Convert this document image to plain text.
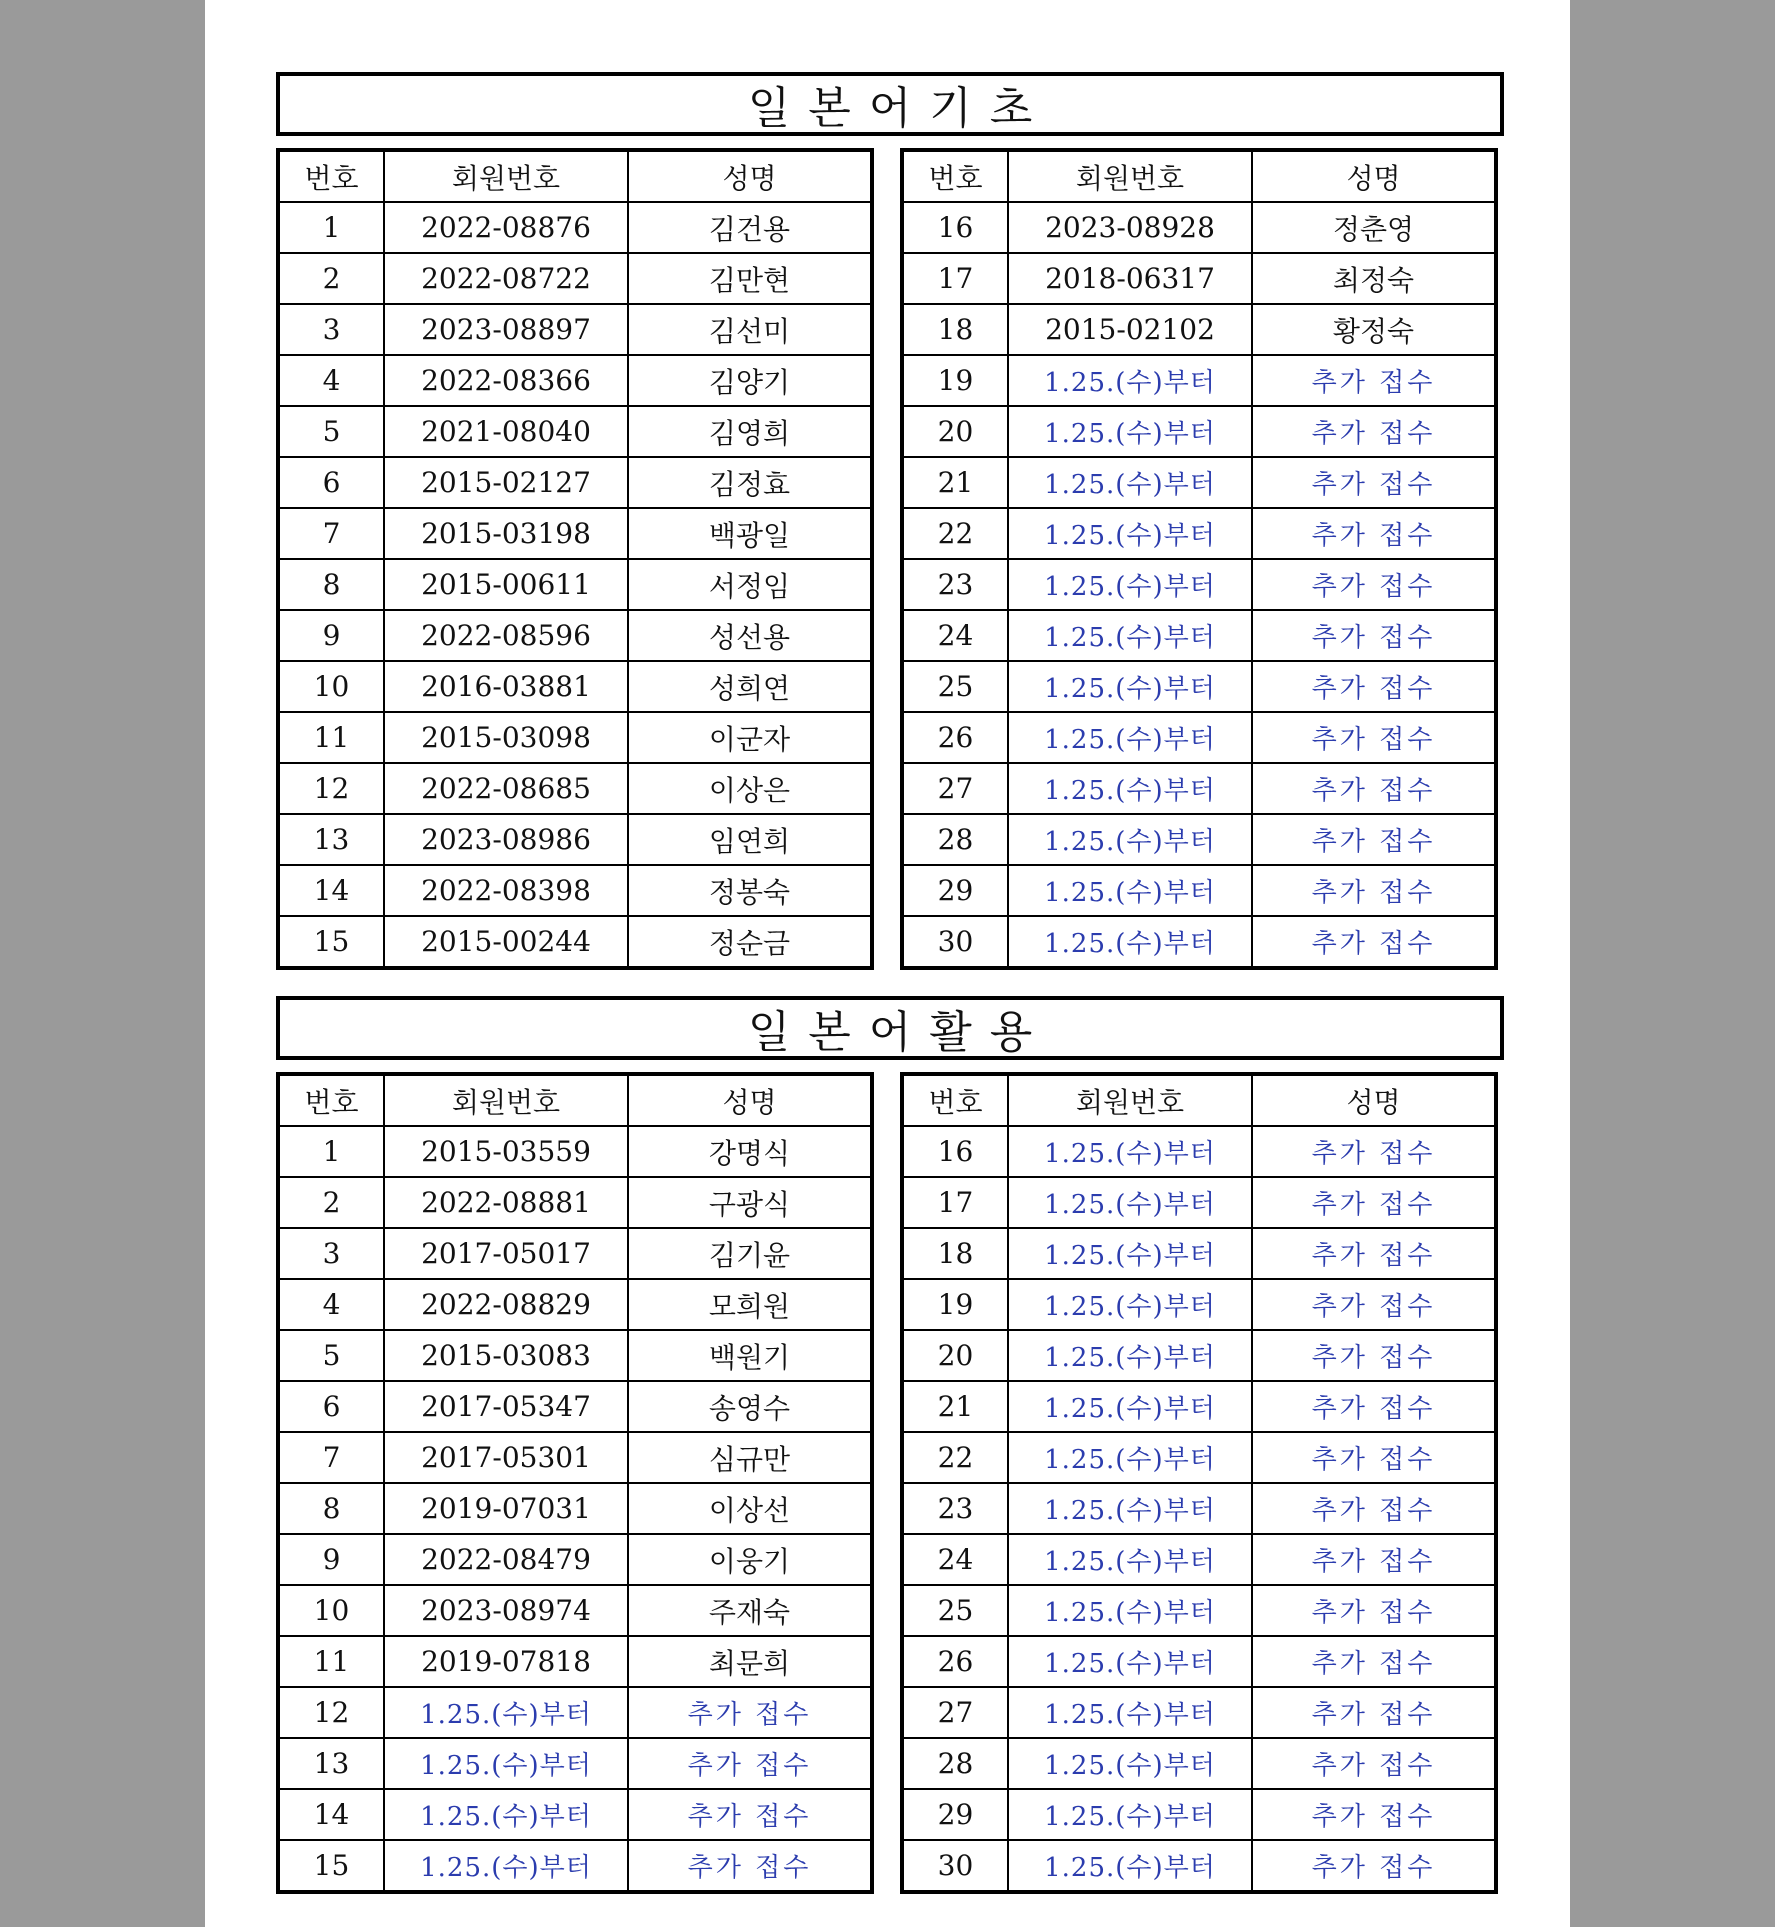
일본어기초
번호	회원번호	성명
1	2022-08876	김건용
2	2022-08722	김만현
3	2023-08897	김선미
4	2022-08366	김양기
5	2021-08040	김영희
6	2015-02127	김정효
7	2015-03198	백광일
8	2015-00611	서정임
9	2022-08596	성선용
10	2016-03881	성희연
11	2015-03098	이군자
12	2022-08685	이상은
13	2023-08986	임연희
14	2022-08398	정봉숙
15	2015-00244	정순금
번호	회원번호	성명
16	2023-08928	정춘영
17	2018-06317	최정숙
18	2015-02102	황정숙
19	1.25.(수)부터	추가 접수
20	1.25.(수)부터	추가 접수
21	1.25.(수)부터	추가 접수
22	1.25.(수)부터	추가 접수
23	1.25.(수)부터	추가 접수
24	1.25.(수)부터	추가 접수
25	1.25.(수)부터	추가 접수
26	1.25.(수)부터	추가 접수
27	1.25.(수)부터	추가 접수
28	1.25.(수)부터	추가 접수
29	1.25.(수)부터	추가 접수
30	1.25.(수)부터	추가 접수
일본어활용
번호	회원번호	성명
1	2015-03559	강명식
2	2022-08881	구광식
3	2017-05017	김기윤
4	2022-08829	모희원
5	2015-03083	백원기
6	2017-05347	송영수
7	2017-05301	심규만
8	2019-07031	이상선
9	2022-08479	이웅기
10	2023-08974	주재숙
11	2019-07818	최문희
12	1.25.(수)부터	추가 접수
13	1.25.(수)부터	추가 접수
14	1.25.(수)부터	추가 접수
15	1.25.(수)부터	추가 접수
번호	회원번호	성명
16	1.25.(수)부터	추가 접수
17	1.25.(수)부터	추가 접수
18	1.25.(수)부터	추가 접수
19	1.25.(수)부터	추가 접수
20	1.25.(수)부터	추가 접수
21	1.25.(수)부터	추가 접수
22	1.25.(수)부터	추가 접수
23	1.25.(수)부터	추가 접수
24	1.25.(수)부터	추가 접수
25	1.25.(수)부터	추가 접수
26	1.25.(수)부터	추가 접수
27	1.25.(수)부터	추가 접수
28	1.25.(수)부터	추가 접수
29	1.25.(수)부터	추가 접수
30	1.25.(수)부터	추가 접수
